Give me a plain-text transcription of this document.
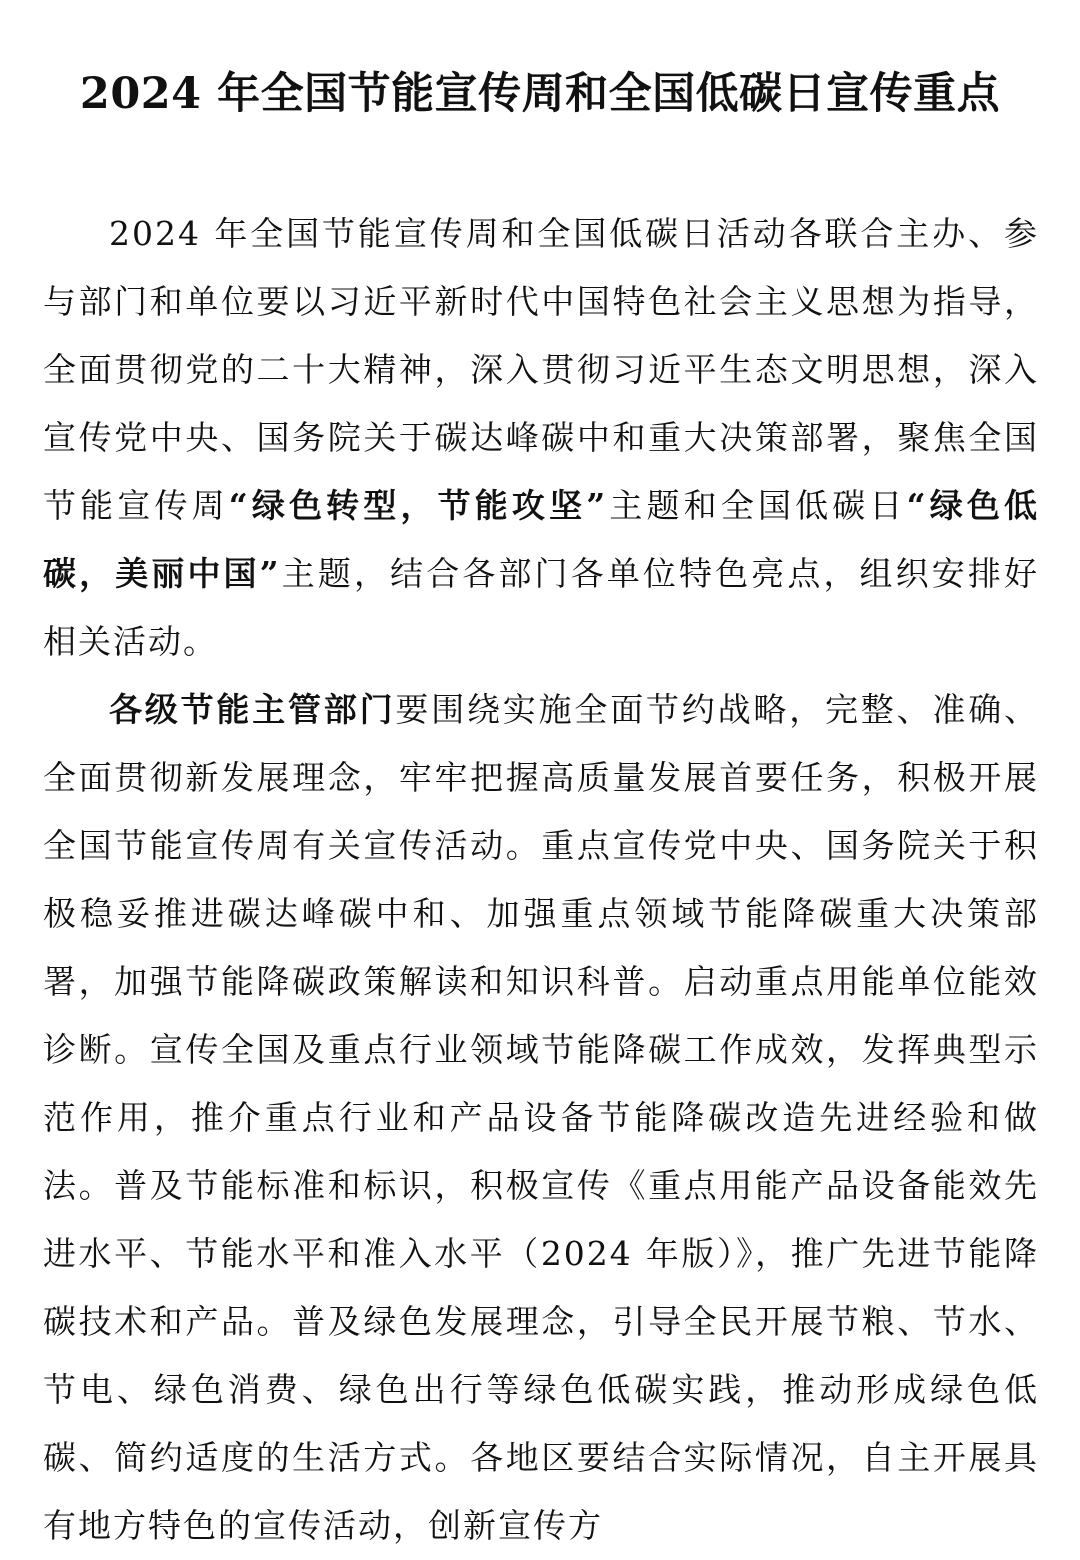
2024 年全国节能宣传周和全国低碳日宣传重点

2024 年全国节能宣传周和全国低碳日活动各联合主办、参与部门和单位要以习近平新时代中国特色社会主义思想为指导，全面贯彻党的二十大精神，深入贯彻习近平生态文明思想，深入宣传党中央、国务院关于碳达峰碳中和重大决策部署，聚焦全国节能宣传周“绿色转型，节能攻坚”主题和全国低碳日“绿色低碳，美丽中国”主题，结合各部门各单位特色亮点，组织安排好相关活动。

各级节能主管部门要围绕实施全面节约战略，完整、准确、全面贯彻新发展理念，牢牢把握高质量发展首要任务，积极开展全国节能宣传周有关宣传活动。重点宣传党中央、国务院关于积极稳妥推进碳达峰碳中和、加强重点领域节能降碳重大决策部署，加强节能降碳政策解读和知识科普。启动重点用能单位能效诊断。宣传全国及重点行业领域节能降碳工作成效，发挥典型示范作用，推介重点行业和产品设备节能降碳改造先进经验和做法。普及节能标准和标识，积极宣传《重点用能产品设备能效先进水平、节能水平和准入水平（2024 年版）》，推广先进节能降碳技术和产品。普及绿色发展理念，引导全民开展节粮、节水、节电、绿色消费、绿色出行等绿色低碳实践，推动形成绿色低碳、简约适度的生活方式。各地区要结合实际情况，自主开展具有地方特色的宣传活动，创新宣传方
